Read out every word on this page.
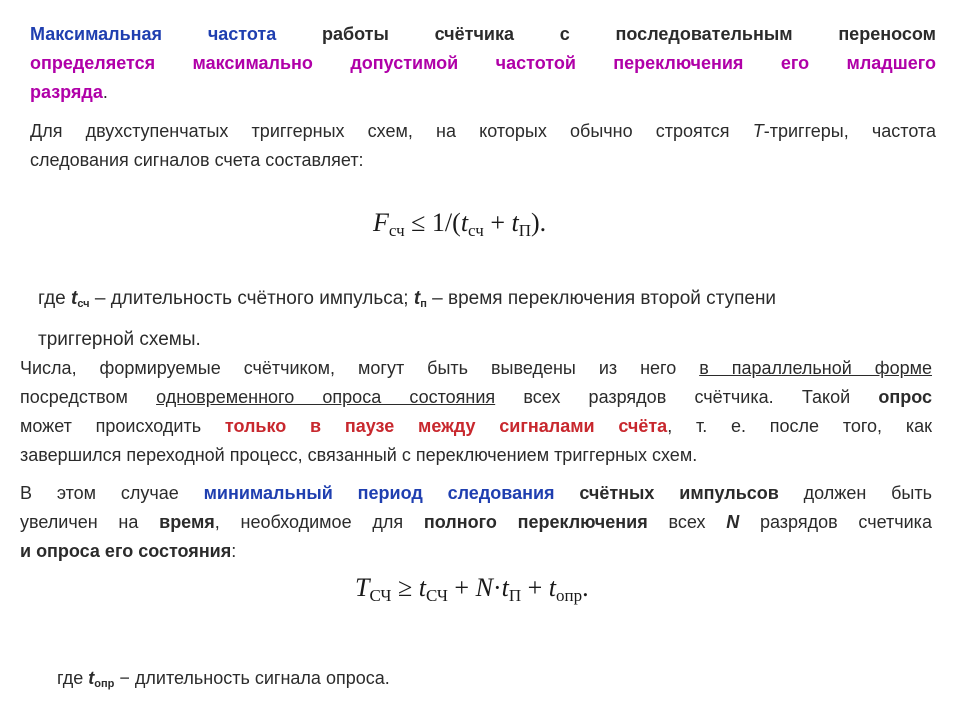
Максимальная	частота	работы	счётчика	с	последовательным	переносом
определяется максимально допустимой частотой переключения его младшего
разряда.
Для двухступенчатых триггерных схем, на которых обычно строятся T-триггеры, частота
следования сигналов счета составляет:
$F_{сч} \le 1/(t_{сч} + t_П)$.
где $t_{сч}$ – длительность счётного импульса; $t_п$ – время переключения второй ступени
триггерной схемы.
Числа, формируемые счётчиком, могут быть выведены из него в параллельной форме
посредством одновременного опроса состояния всех разрядов счётчика. Такой опрос
может происходить только в паузе между сигналами счёта, т. е. после того, как
завершился переходной процесс, связанный с переключением триггерных схем.
В этом случае минимальный период следования счётных импульсов должен быть
увеличен на время, необходимое для полного переключения всех N разрядов счетчика
и опроса его состояния:
$T_{СЧ} \ge t_{СЧ} + N\cdot t_П + t_{опр}$.
где $t_{опр}$ − длительность сигнала опроса.
